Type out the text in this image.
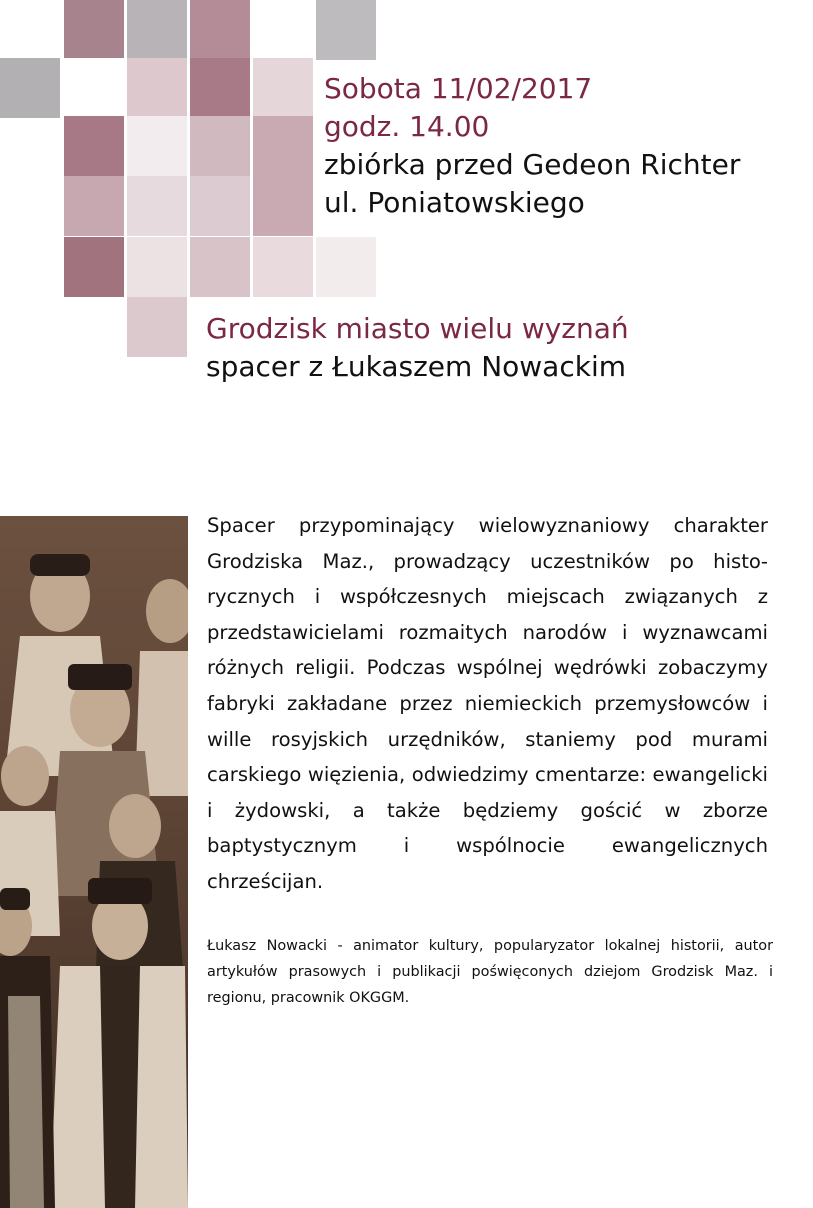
Sobota 11/02/2017
godz. 14.00
zbiórka przed Gedeon Richter
ul. Poniatowskiego
Grodzisk miasto wielu wyznań
spacer z Łukaszem Nowackim

Spacer przypominający wielowyznaniowy charakter Grodziska Maz., prowadzący uczestników po historycznych i współczesnych miejscach związanych z przedstawicielami rozmaitych narodów i wyznawcami różnych religii. Podczas wspólnej wędrówki zobaczymy fabryki zakładane przez niemieckich przemysłowców i wille rosyjskich urzędników, staniemy pod murami carskiego więzienia, odwiedzimy cmentarze: ewangelicki i żydowski, a także będziemy gościć w zborze baptystycznym i wspólnocie ewangelicznych chrześcijan.

Łukasz Nowacki - animator kultury, popularyzator lokalnej historii, autor artykułów prasowych i publikacji poświęconych dziejom Grodzisk Maz. i regionu, pracownik OKGGM.
